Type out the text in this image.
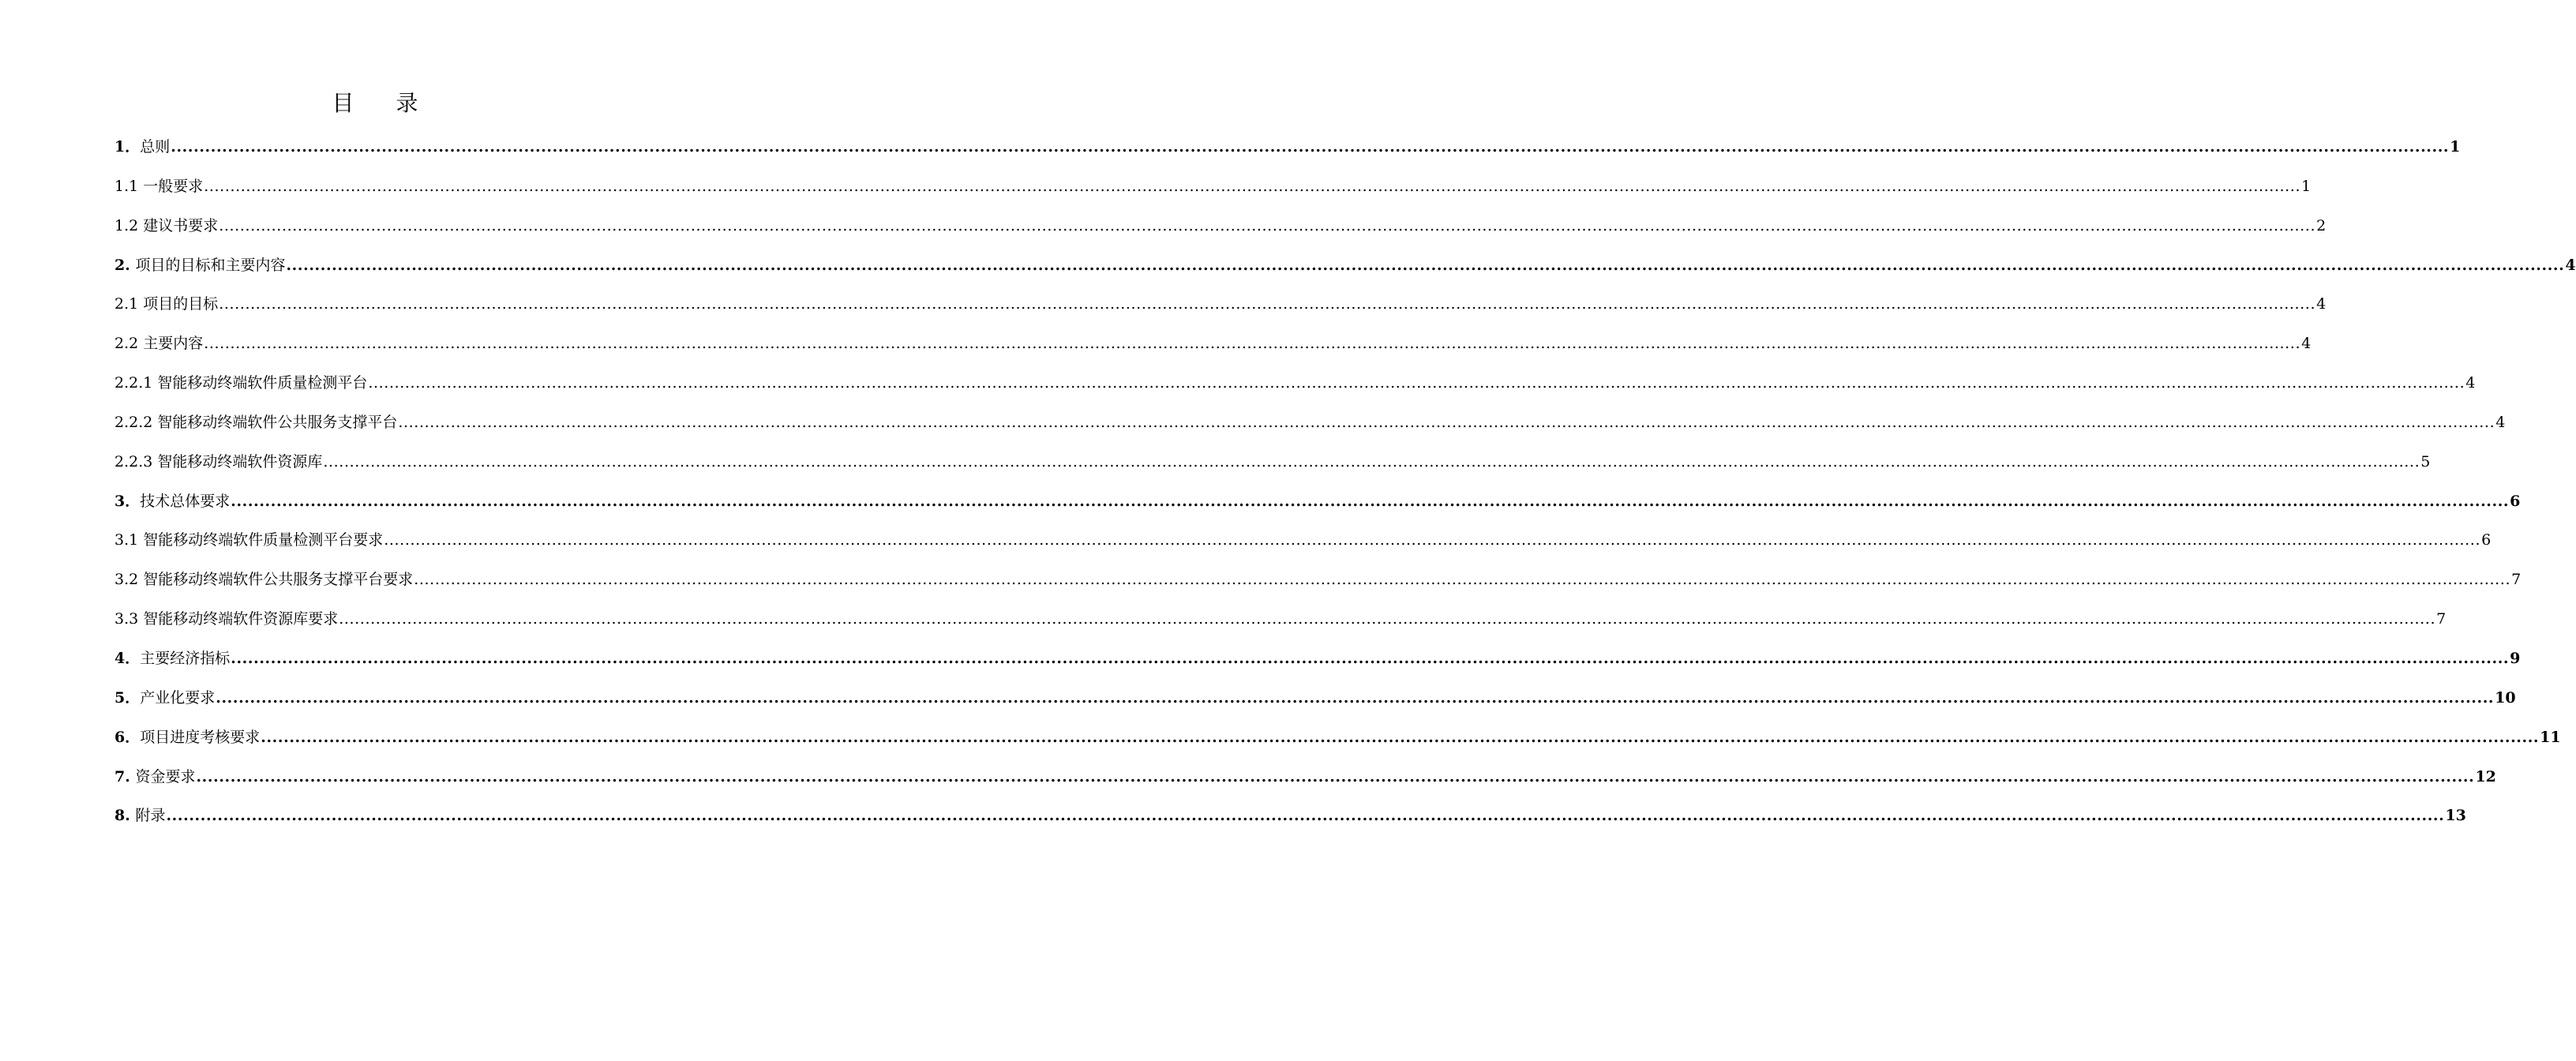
目 录
1．总则 ................................................................................................................................................................................................................................................................................................................................................................................................................ 1
1.1 一般要求 ................................................................................................................................................................................................................................................................................................................................................................................................................ 1
1.2 建议书要求 ................................................................................................................................................................................................................................................................................................................................................................................................................ 2
2. 项目的目标和主要内容 ................................................................................................................................................................................................................................................................................................................................................................................................................ 4
2.1 项目的目标 ................................................................................................................................................................................................................................................................................................................................................................................................................ 4
2.2 主要内容 ................................................................................................................................................................................................................................................................................................................................................................................................................ 4
2.2.1 智能移动终端软件质量检测平台 ................................................................................................................................................................................................................................................................................................................................................................................................................ 4
2.2.2 智能移动终端软件公共服务支撑平台 ................................................................................................................................................................................................................................................................................................................................................................................................................ 4
2.2.3 智能移动终端软件资源库 ................................................................................................................................................................................................................................................................................................................................................................................................................ 5
3．技术总体要求 ................................................................................................................................................................................................................................................................................................................................................................................................................ 6
3.1 智能移动终端软件质量检测平台要求 ................................................................................................................................................................................................................................................................................................................................................................................................................ 6
3.2 智能移动终端软件公共服务支撑平台要求 ................................................................................................................................................................................................................................................................................................................................................................................................................ 7
3.3 智能移动终端软件资源库要求 ................................................................................................................................................................................................................................................................................................................................................................................................................ 7
4．主要经济指标 ................................................................................................................................................................................................................................................................................................................................................................................................................ 9
5．产业化要求 ................................................................................................................................................................................................................................................................................................................................................................................................................ 10
6．项目进度考核要求 ................................................................................................................................................................................................................................................................................................................................................................................................................ 11
7. 资金要求 ................................................................................................................................................................................................................................................................................................................................................................................................................ 12
8. 附录 ................................................................................................................................................................................................................................................................................................................................................................................................................ 13
